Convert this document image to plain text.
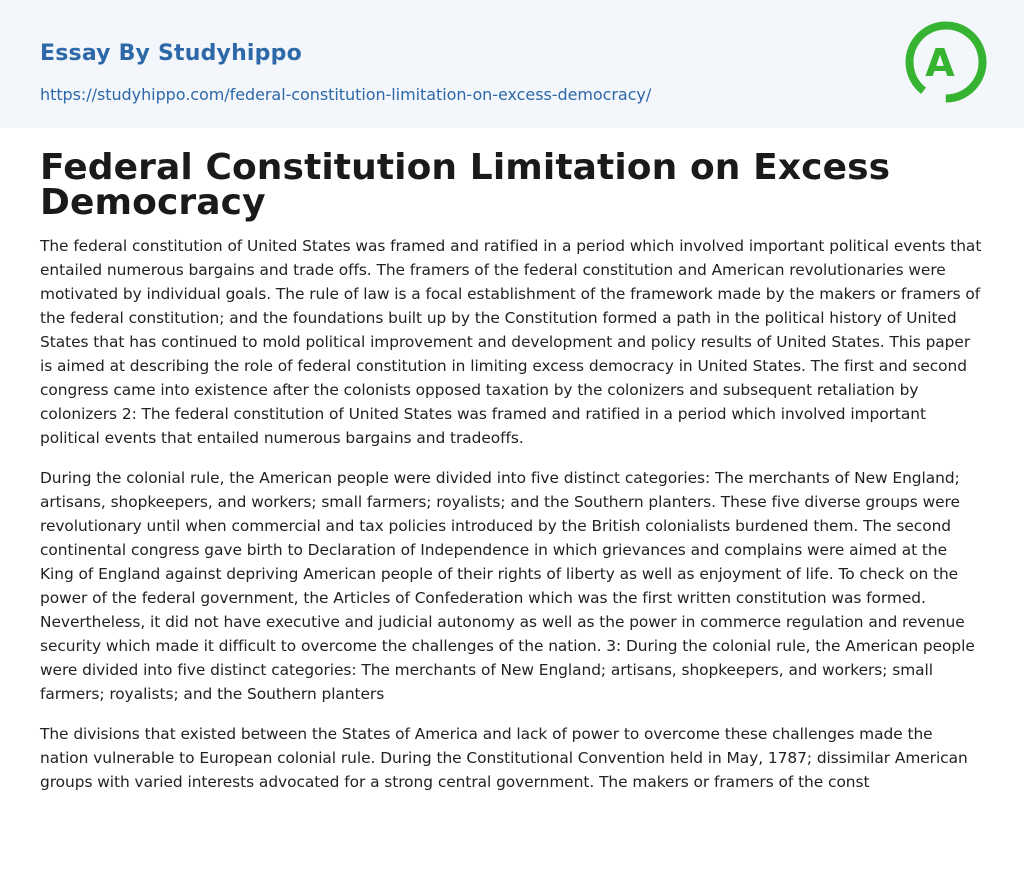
Essay By Studyhippo
https://studyhippo.com/federal-constitution-limitation-on-excess-democracy/
A
Federal Constitution Limitation on Excess Democracy

The federal constitution of United States was framed and ratified in a period which involved important political events that entailed numerous bargains and trade offs. The framers of the federal constitution and American revolutionaries were motivated by individual goals. The rule of law is a focal establishment of the framework made by the makers or framers of the federal constitution; and the foundations built up by the Constitution formed a path in the political history of United States that has continued to mold political improvement and development and policy results of United States. This paper is aimed at describing the role of federal constitution in limiting excess democracy in United States. The first and second congress came into existence after the colonists opposed taxation by the colonizers and subsequent retaliation by colonizers 2: The federal constitution of United States was framed and ratified in a period which involved important political events that entailed numerous bargains and tradeoffs.

During the colonial rule, the American people were divided into five distinct categories: The merchants of New England; artisans, shopkeepers, and workers; small farmers; royalists; and the Southern planters. These five diverse groups were revolutionary until when commercial and tax policies introduced by the British colonialists burdened them. The second continental congress gave birth to Declaration of Independence in which grievances and complains were aimed at the King of England against depriving American people of their rights of liberty as well as enjoyment of life. To check on the power of the federal government, the Articles of Confederation which was the first written constitution was formed. Nevertheless, it did not have executive and judicial autonomy as well as the power in commerce regulation and revenue security which made it difficult to overcome the challenges of the nation. 3: During the colonial rule, the American people were divided into five distinct categories: The merchants of New England; artisans, shopkeepers, and workers; small farmers; royalists; and the Southern planters

The divisions that existed between the States of America and lack of power to overcome these challenges made the nation vulnerable to European colonial rule. During the Constitutional Convention held in May, 1787; dissimilar American groups with varied interests advocated for a strong central government. The makers or framers of the const
